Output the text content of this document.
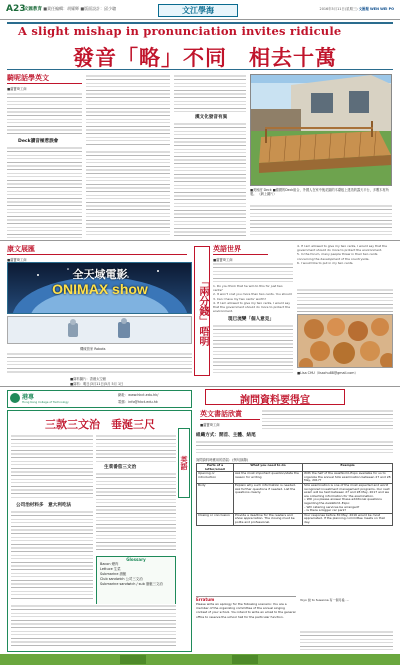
A23
文匯教育 ■責任編輯：胡耀輝 ■版面設計：邱少聰	文江學海	2016年5月11日(星期三) 文匯報 WEN WEI PO
A slight mishap in pronunciation invites ridicule
發音「略」不同　相去十萬
騎呢話學英文
■盧寶琦工商
Deck讀音極惹誤會
漢文化發音有異
■美極度 Deck ■德國的Deck組合，外國人在家中後花園的木臺板上建造的露天平台，多數木材所製。 （網上圖片）
康文展匯
■盧寶琦工商
全天域電影
ONIMAX show
機械管家 Robots
■資料圖片：香港太空館
■資料：明日(3月11日)5月 5月 1日
「兩分錢」唔明
英語世界
■盧寶琦工商
1. Do you think that he will do this for just two cents?
2. It won't cost you more than two cents. You should
3. Can I have my two cents' worth?
4. If I am allowed to give my two cents, I would say that the government should do more to protect the environment.
現已流變「個人意見」
4. If I am allowed to give my two cents, I would say that the government should do more to protect the environment.
5. In the forum, many people threw in their two cents concerning the development of the countryside.
6. I would like to put in my two cents.
■Lisa CHU（lisachu88@gmail.com）
港專
Hong Kong College of Technology
網址：www.hkct.edu.hk/
電郵：info@hkct.edu.hk
三款三文治　垂涎三尺
英語
公司治材料多　意大利吃法
生菜番茄三文治
Glossary
Bacon 煙肉
Lettuce 生菜
Submarine 潛艇
Club sandwich 公司三文治
Submarine sandwich / sub 潛艇三文治
詢問資料要得宜
英文書話欣賞
■盧寶琦工商
組織方式：開首、主體、結尾
詢問資料時應用的語氣：(例句摘錄)
Parts of a letter/email	What you need to do	Example
Opening or introduction	Ask the most important question/state the reason for writing	With the half of the AsiaWorld–Expo available for us to organize the annual SXA examination between 27 and 28 May, 2017?
Body	Explain why such information is needed. Ask further questions if needed. List the questions clearly.	SXA examination is one of the most expected and world recognized investment management programs. Our next exam will be held between 27 and 28 May, 2017 and we are collecting information for the examination.
• Will you please answer these additional questions regarding the AsiaWorld–Expo:
– Will catering services be arranged?
– Is there a bigger car park?
Closing or conclusion	Provide a deadline for the readers and show appreciation. The closing must be polite and professional.	Your response before 30 May, 2016 would be most appreciated. If the planning committee meets on that day.
Erratum
Please write an apology for the following scenario: You are a member of the organizing committee of the annual singing contest of your school. You intend to write an email to the general office to reserve the school hall for the particular function.
Yoyo 說 to Susanna 有一個月後, ...
